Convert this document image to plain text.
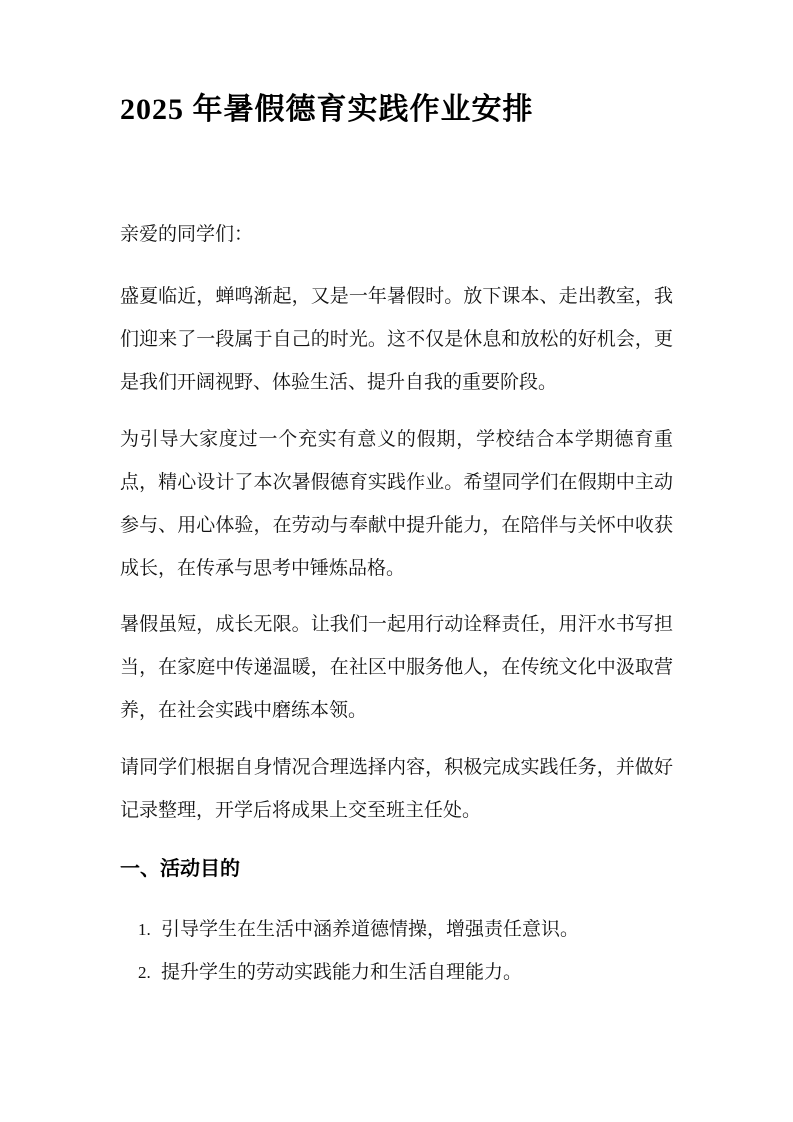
2025 年暑假德育实践作业安排

亲爱的同学们：

盛夏临近，蝉鸣渐起，又是一年暑假时。放下课本、走出教室，我们迎来了一段属于自己的时光。这不仅是休息和放松的好机会，更是我们开阔视野、体验生活、提升自我的重要阶段。

为引导大家度过一个充实有意义的假期，学校结合本学期德育重点，精心设计了本次暑假德育实践作业。希望同学们在假期中主动参与、用心体验，在劳动与奉献中提升能力，在陪伴与关怀中收获成长，在传承与思考中锤炼品格。

暑假虽短，成长无限。让我们一起用行动诠释责任，用汗水书写担当，在家庭中传递温暖，在社区中服务他人，在传统文化中汲取营养，在社会实践中磨练本领。

请同学们根据自身情况合理选择内容，积极完成实践任务，并做好记录整理，开学后将成果上交至班主任处。

一、活动目的
1. 引导学生在生活中涵养道德情操，增强责任意识。
2. 提升学生的劳动实践能力和生活自理能力。
